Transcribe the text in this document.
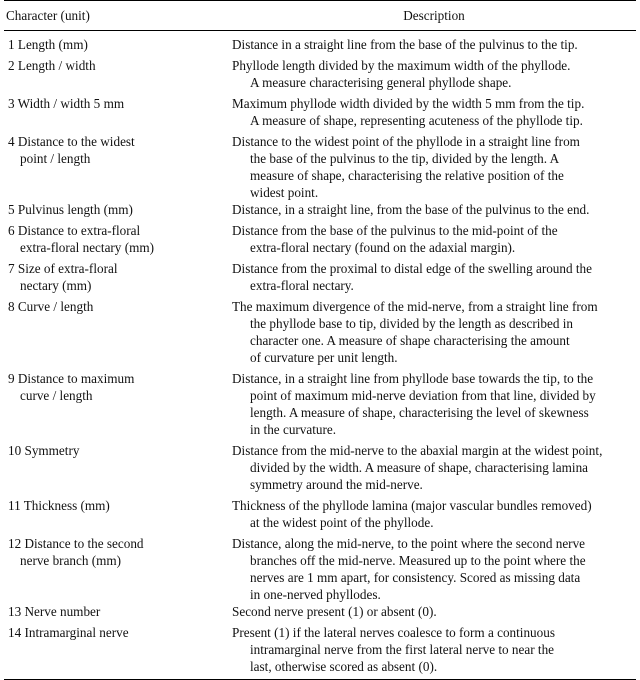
Character (unit)	Description

1 Length (mm)	Distance in a straight line from the base of the pulvinus to the tip.

2 Length / width	Phyllode length divided by the maximum width of the phyllode.
A measure characterising general phyllode shape.

3 Width / width 5 mm	Maximum phyllode width divided by the width 5 mm from the tip.
A measure of shape, representing acuteness of the phyllode tip.

4 Distance to the widest
point / length	Distance to the widest point of the phyllode in a straight line from
the base of the pulvinus to the tip, divided by the length. A
measure of shape, characterising the relative position of the
widest point.

5 Pulvinus length (mm)	Distance, in a straight line, from the base of the pulvinus to the end.

6 Distance to extra-floral
extra-floral nectary (mm)	Distance from the base of the pulvinus to the mid-point of the
extra-floral nectary (found on the adaxial margin).

7 Size of extra-floral
nectary (mm)	Distance from the proximal to distal edge of the swelling around the
extra-floral nectary.

8 Curve / length	The maximum divergence of the mid-nerve, from a straight line from
the phyllode base to tip, divided by the length as described in
character one. A measure of shape characterising the amount
of curvature per unit length.

9 Distance to maximum
curve / length	Distance, in a straight line from phyllode base towards the tip, to the
point of maximum mid-nerve deviation from that line, divided by
length. A measure of shape, characterising the level of skewness
in the curvature.

10 Symmetry	Distance from the mid-nerve to the abaxial margin at the widest point,
divided by the width. A measure of shape, characterising lamina
symmetry around the mid-nerve.

11 Thickness (mm)	Thickness of the phyllode lamina (major vascular bundles removed)
at the widest point of the phyllode.

12 Distance to the second
nerve branch (mm)	Distance, along the mid-nerve, to the point where the second nerve
branches off the mid-nerve. Measured up to the point where the
nerves are 1 mm apart, for consistency. Scored as missing data
in one-nerved phyllodes.

13 Nerve number	Second nerve present (1) or absent (0).

14 Intramarginal nerve	Present (1) if the lateral nerves coalesce to form a continuous
intramarginal nerve from the first lateral nerve to near the
last, otherwise scored as absent (0).
